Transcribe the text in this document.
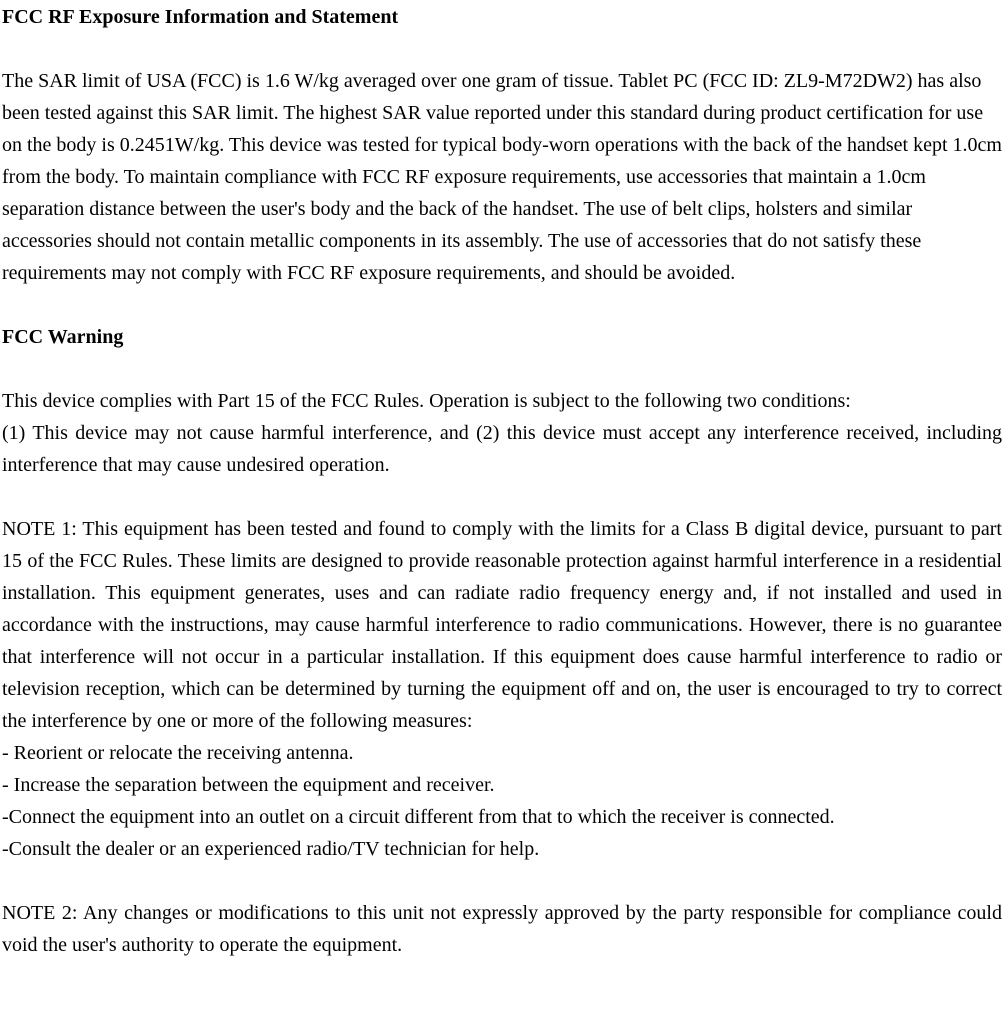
FCC RF Exposure Information and Statement

The SAR limit of USA (FCC) is 1.6 W/kg averaged over one gram of tissue. Tablet PC (FCC ID: ZL9-M72DW2) has also been tested against this SAR limit. The highest SAR value reported under this standard during product certification for use on the body is 0.2451W/kg. This device was tested for typical body-worn operations with the back of the handset kept 1.0cm from the body. To maintain compliance with FCC RF exposure requirements, use accessories that maintain a 1.0cm separation distance between the user's body and the back of the handset. The use of belt clips, holsters and similar accessories should not contain metallic components in its assembly. The use of accessories that do not satisfy these requirements may not comply with FCC RF exposure requirements, and should be avoided.

FCC Warning

This device complies with Part 15 of the FCC Rules. Operation is subject to the following two conditions:

(1) This device may not cause harmful interference, and (2) this device must accept any interference received, including interference that may cause undesired operation.

NOTE 1: This equipment has been tested and found to comply with the limits for a Class B digital device, pursuant to part 15 of the FCC Rules. These limits are designed to provide reasonable protection against harmful interference in a residential installation. This equipment generates, uses and can radiate radio frequency energy and, if not installed and used in accordance with the instructions, may cause harmful interference to radio communications. However, there is no guarantee that interference will not occur in a particular installation. If this equipment does cause harmful interference to radio or television reception, which can be determined by turning the equipment off and on, the user is encouraged to try to correct the interference by one or more of the following measures:

- Reorient or relocate the receiving antenna.
- Increase the separation between the equipment and receiver.
-Connect the equipment into an outlet on a circuit different from that to which the receiver is connected.
-Consult the dealer or an experienced radio/TV technician for help.

NOTE 2: Any changes or modifications to this unit not expressly approved by the party responsible for compliance could void the user's authority to operate the equipment.
